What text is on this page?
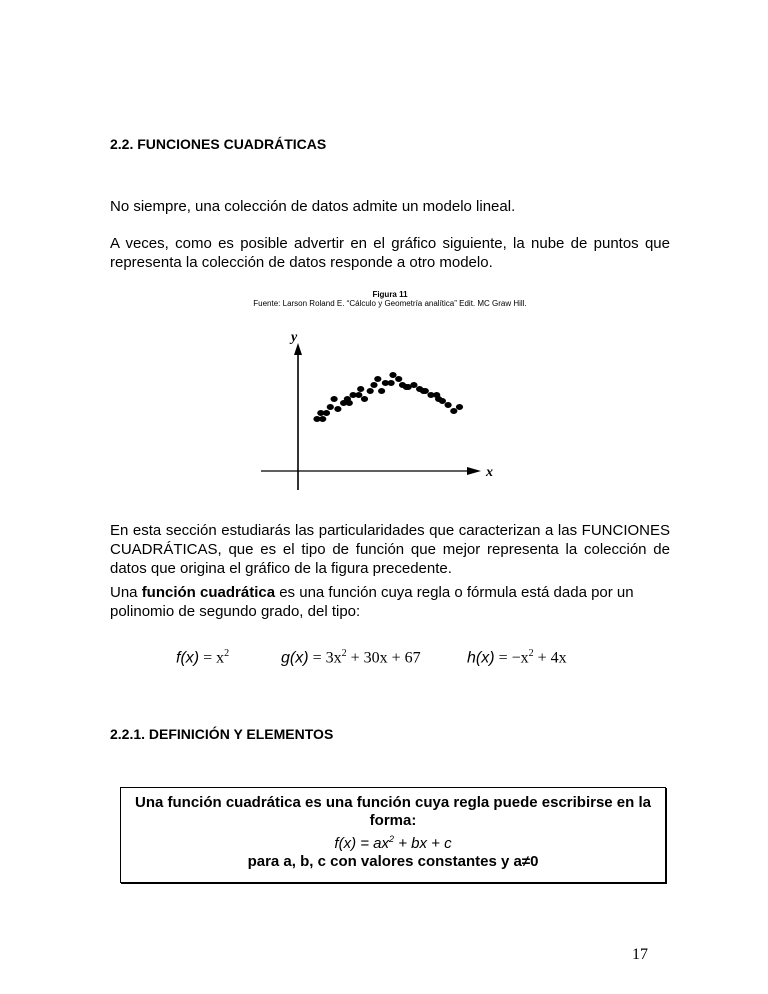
2.2. FUNCIONES CUADRÁTICAS
No siempre, una colección de datos admite un modelo lineal.
A veces, como es posible advertir en el gráfico siguiente, la nube de puntos que representa la colección de datos responde a otro modelo.
Figura 11
Fuente: Larson Roland E. “Cálculo y Geometría analítica” Edit. MC Graw Hill.
y
x
En esta sección estudiarás las particularidades que caracterizan a las FUNCIONES CUADRÁTICAS, que es el tipo de función que mejor representa la colección de datos que origina el gráfico de la figura precedente.
Una función cuadrática es una función cuya regla o fórmula está dada por un polinomio de segundo grado, del tipo:
$f(x) = x^2$	$g(x) = 3x^2 + 30x + 67$	$h(x) = -x^2 + 4x$
2.2.1. DEFINICIÓN Y ELEMENTOS
Una función cuadrática es una función cuya regla puede escribirse en la
forma:
$f(x) = ax^2$ + bx + c
para a, b, c con valores constantes y a≠0
17
